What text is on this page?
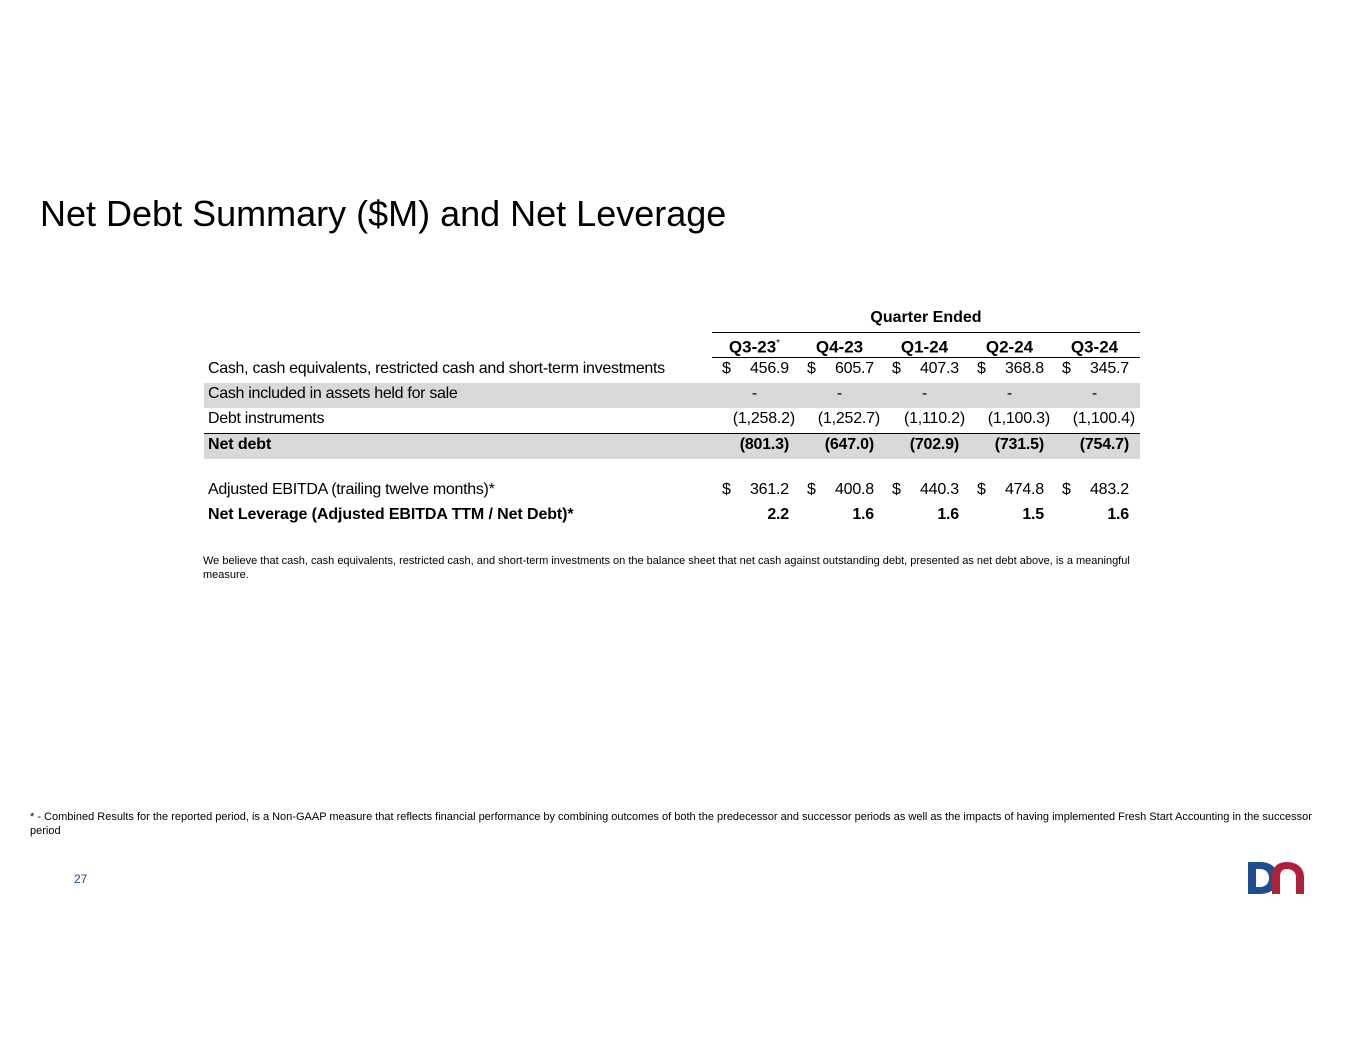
Net Debt Summary ($M) and Net Leverage
Quarter Ended
Q3-23*	Q4-23	Q1-24	Q2-24	Q3-24
Cash, cash equivalents, restricted cash and short-term investments	$ 456.9 $ 605.7 $ 407.3 $ 368.8 $ 345.7
Cash included in assets held for sale	-	-	-	-	-
Debt instruments	(1,258.2) (1,252.7) (1,110.2) (1,100.3) (1,100.4)
Net debt	(801.3) (647.0) (702.9) (731.5) (754.7)
Adjusted EBITDA (trailing twelve months)*	$ 361.2 $ 400.8 $ 440.3 $ 474.8 $ 483.2
Net Leverage (Adjusted EBITDA TTM / Net Debt)*	2.2	1.6	1.6	1.5	1.6
We believe that cash, cash equivalents, restricted cash, and short-term investments on the balance sheet that net cash against outstanding debt, presented as net debt above, is a meaningful measure.
* - Combined Results for the reported period, is a Non-GAAP measure that reflects financial performance by combining outcomes of both the predecessor and successor periods as well as the impacts of having implemented Fresh Start Accounting in the successor period
27
